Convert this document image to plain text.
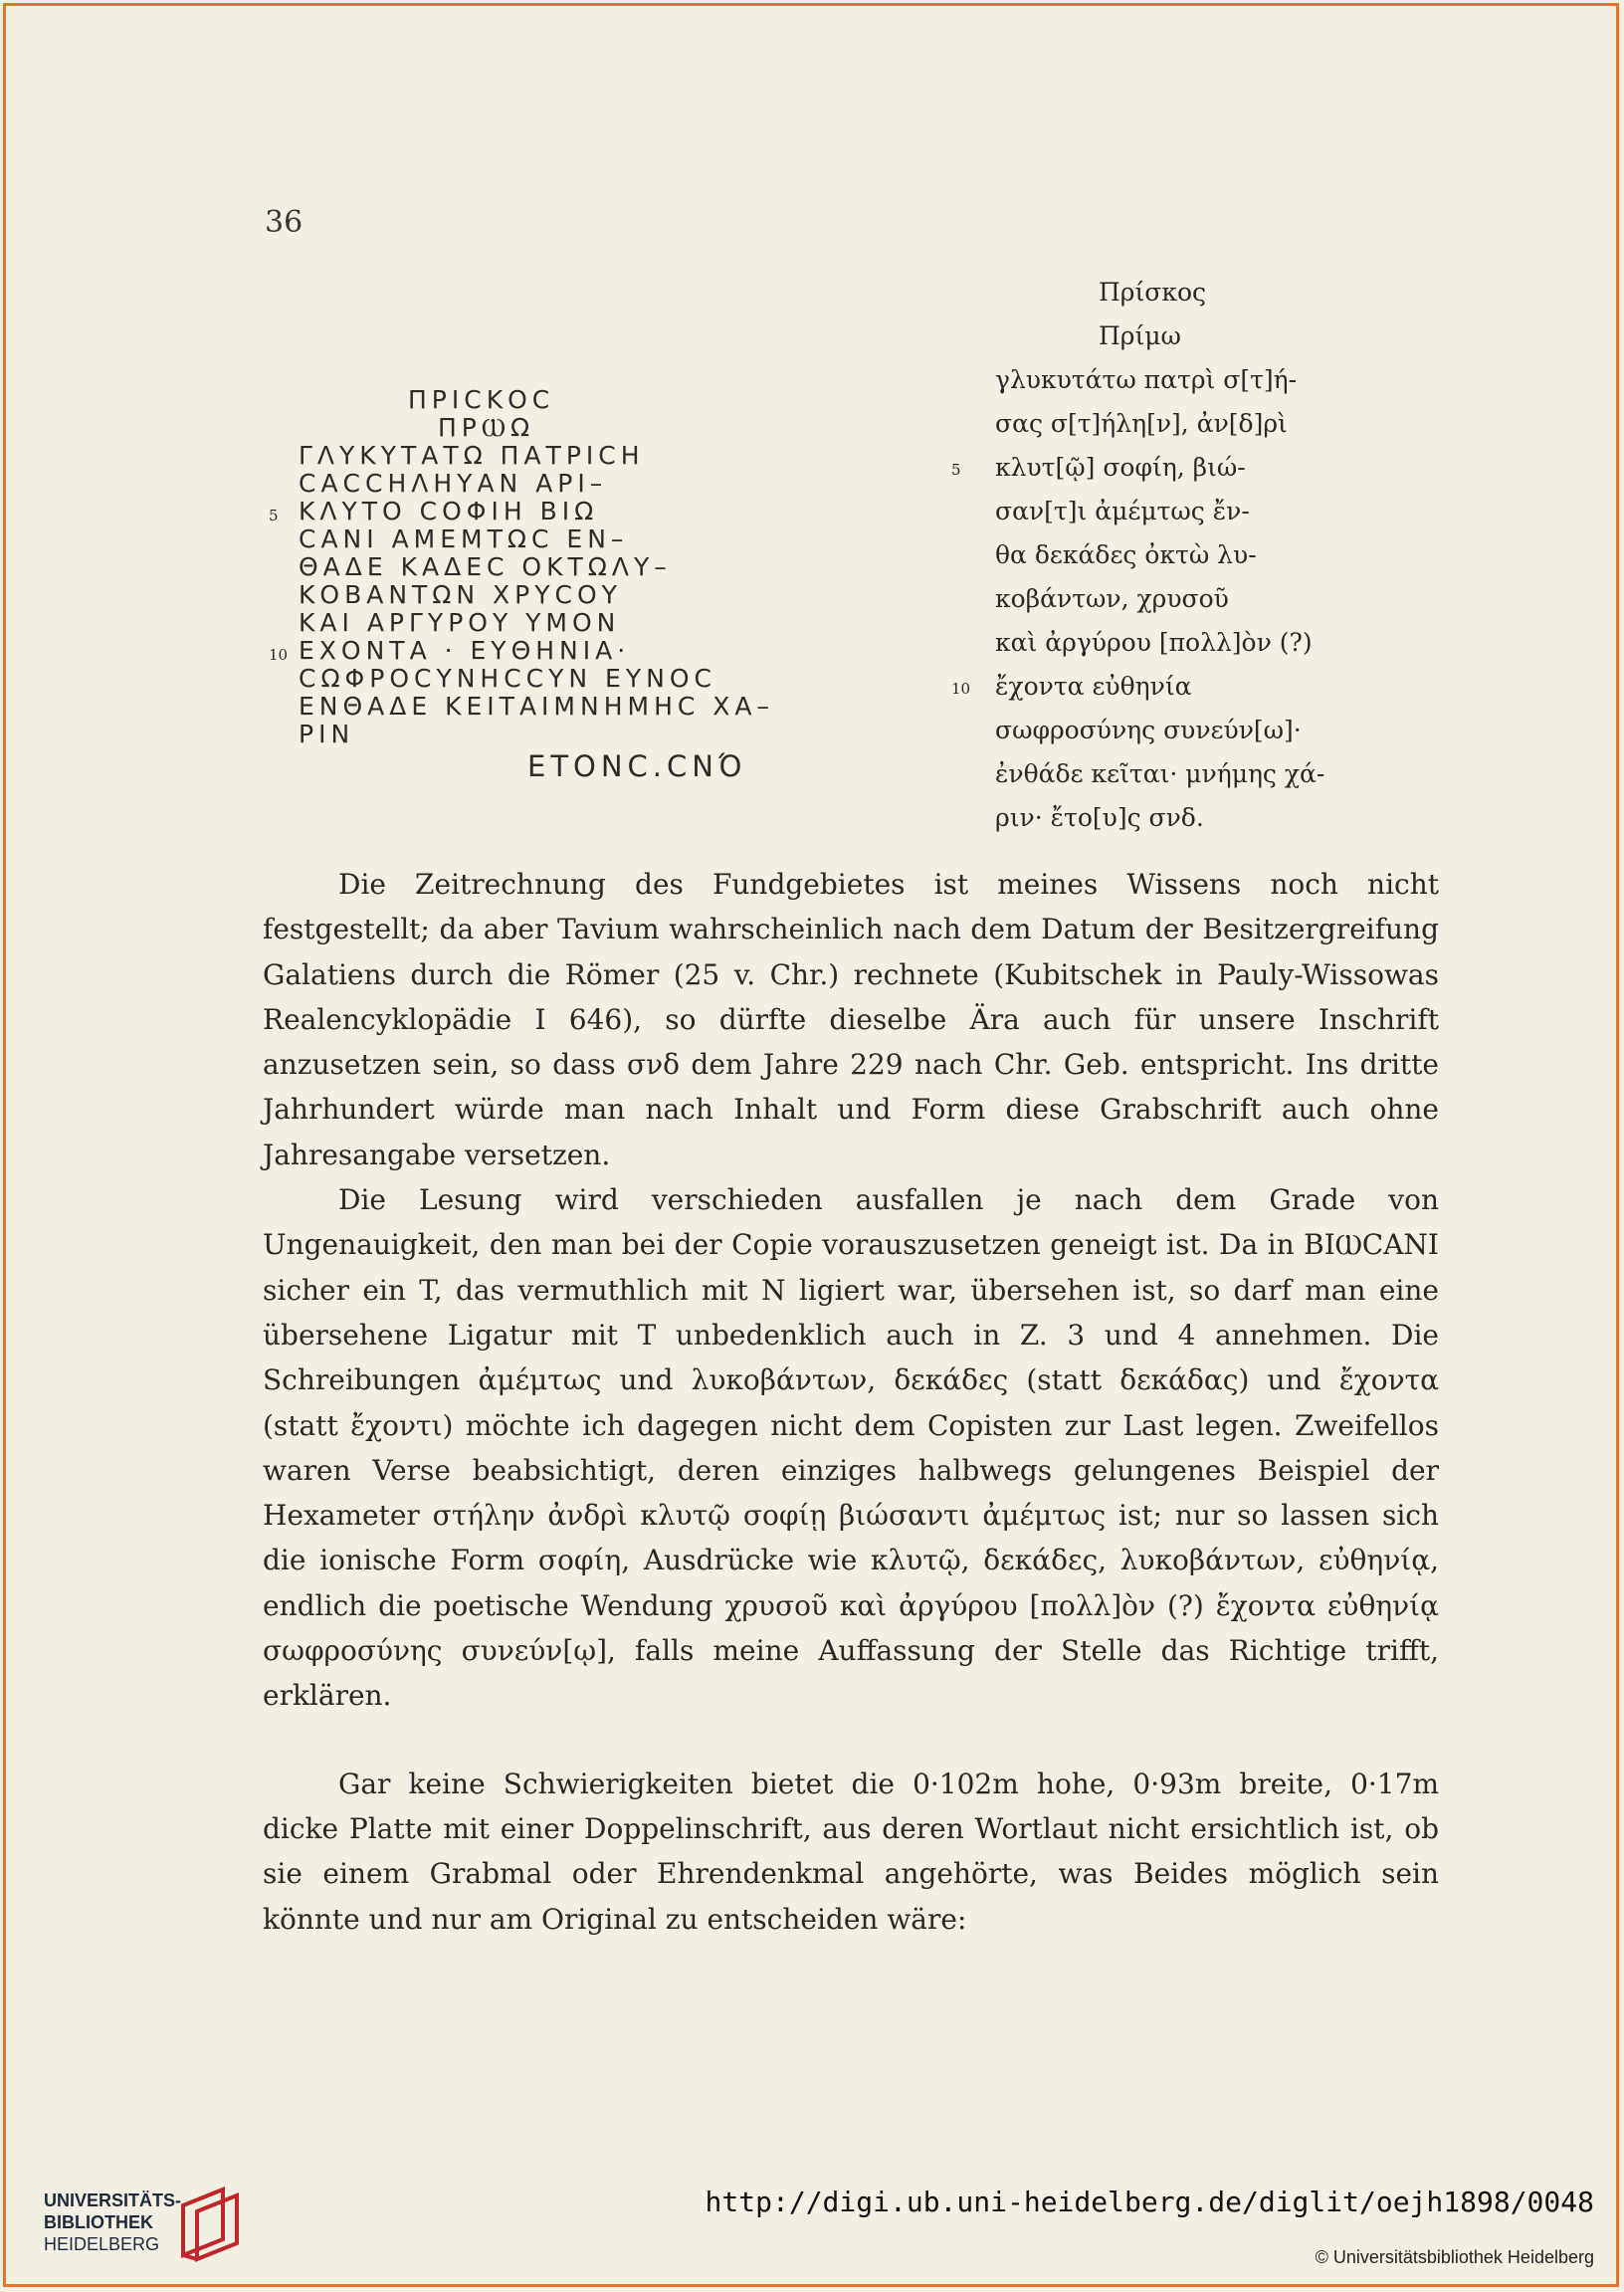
36
ΠΡΙϹΚΟϹ
ΠΡⲰΩ
ΓΛΥΚΥΤΑΤΩ ΠΑΤΡΙϹΗ
ϹΑϹϹΗΛΗΥΑΝ ΑΡΙ–
5 ΚΛΥΤΟ ϹΟΦΙΗ ΒΙΩ
ϹΑΝΙ ΑΜΕΜΤΩϹ ΕΝ–
ΘΑΔΕ ΚΑΔΕϹ ΟΚΤΩΛΥ–
ΚΟΒΑΝΤΩΝ ΧΡΥϹΟΥ
ΚΑΙ ΑΡΓΥΡΟΥ ΥΜΟΝ
10 ΕΧΟΝΤΑ · ΕΥΘΗΝΙΑ·
ϹΩΦΡΟϹΥΝΗϹϹΥΝ ΕΥΝΟϹ
ΕΝΘΑΔΕ ΚΕΙΤΑΙΜΝΗΜΗϹ ΧΑ–
ΡΙΝ
ΕΤΟΝϹ.ϹΝΌ
Πρίσκος
Πρίμω
γλυκυτάτω πατρὶ σ[τ]ή-
σας σ[τ]ήλη[ν], ἀν[δ]ρὶ
5 κλυτ[ῷ] σοφίη, βιώ-
σαν[τ]ι ἀμέμτως ἔν-
θα δεκάδες ὀκτὼ λυ-
κοβάντων, χρυσοῦ
καὶ ἀργύρου [πολλ]ὸν (?)
10 ἔχοντα εὐθηνία
σωφροσύνης συνεύν[ω]·
ἐνθάδε κεῖται· μνήμης χά-
ριν· ἔτο[υ]ς σνδ.

Die Zeitrechnung des Fundgebietes ist meines Wissens noch nicht festgestellt; da aber Tavium wahrscheinlich nach dem Datum der Besitzergreifung Galatiens durch die Römer (25 v. Chr.) rechnete (Kubitschek in Pauly-Wissowas Realencyklopädie I 646), so dürfte dieselbe Ära auch für unsere Inschrift anzusetzen sein, so dass σνδ dem Jahre 229 nach Chr. Geb. entspricht. Ins dritte Jahrhundert würde man nach Inhalt und Form diese Grabschrift auch ohne Jahresangabe versetzen.

Die Lesung wird verschieden ausfallen je nach dem Grade von Ungenauigkeit, den man bei der Copie vorauszusetzen geneigt ist. Da in ΒΙⲰϹΑΝΙ sicher ein T, das vermuthlich mit N ligiert war, übersehen ist, so darf man eine übersehene Ligatur mit T unbedenklich auch in Z. 3 und 4 annehmen. Die Schreibungen ἀμέμτως und λυκοβάντων, δεκάδες (statt δεκάδας) und ἔχοντα (statt ἔχοντι) möchte ich dagegen nicht dem Copisten zur Last legen. Zweifellos waren Verse beabsichtigt, deren einziges halbwegs gelungenes Beispiel der Hexameter στήλην ἀνδρὶ κλυτῷ σοφίῃ βιώσαντι ἀμέμτως ist; nur so lassen sich die ionische Form σοφίη, Ausdrücke wie κλυτῷ, δεκάδες, λυκοβάντων, εὐθηνίᾳ, endlich die poetische Wendung χρυσοῦ καὶ ἀργύρου [πολλ]ὸν (?) ἔχοντα εὐθηνίᾳ σωφροσύνης συνεύν[ῳ], falls meine Auffassung der Stelle das Richtige trifft, erklären.

Gar keine Schwierigkeiten bietet die 0·102m hohe, 0·93m breite, 0·17m dicke Platte mit einer Doppelinschrift, aus deren Wortlaut nicht ersichtlich ist, ob sie einem Grabmal oder Ehrendenkmal angehörte, was Beides möglich sein könnte und nur am Original zu entscheiden wäre:

UNIVERSITÄTS-
BIBLIOTHEK
HEIDELBERG
http://digi.ub.uni-heidelberg.de/diglit/oejh1898/0048
© Universitätsbibliothek Heidelberg
